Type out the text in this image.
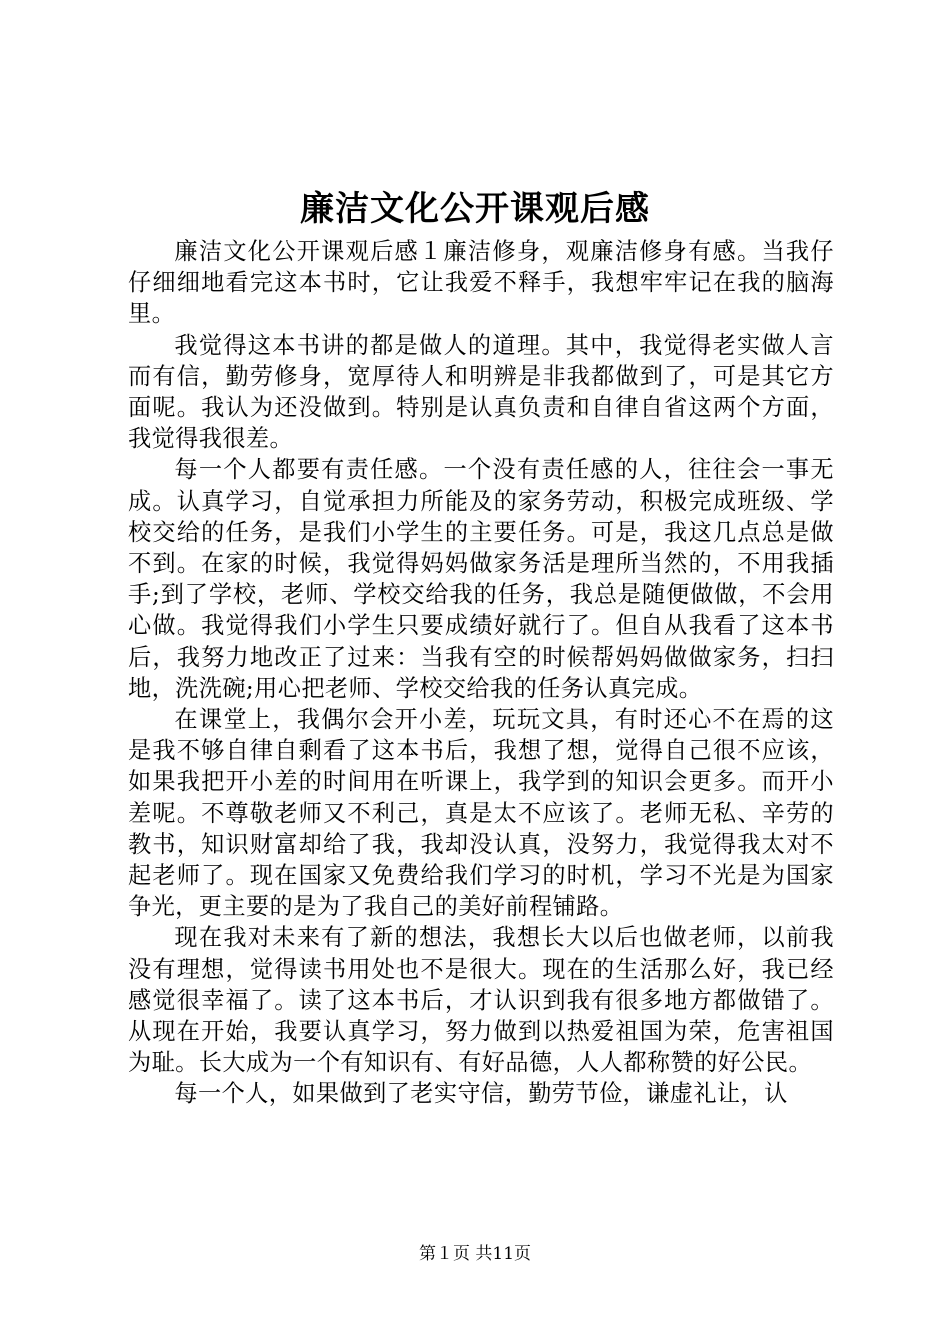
廉洁文化公开课观后感

廉洁文化公开课观后感１廉洁修身，观廉洁修身有感。当我仔仔细细地看完这本书时，它让我爱不释手，我想牢牢记在我的脑海里。

我觉得这本书讲的都是做人的道理。其中，我觉得老实做人言而有信，勤劳修身，宽厚待人和明辨是非我都做到了，可是其它方面呢。我认为还没做到。特别是认真负责和自律自省这两个方面，我觉得我很差。

每一个人都要有责任感。一个没有责任感的人，往往会一事无成。认真学习，自觉承担力所能及的家务劳动，积极完成班级、学校交给的任务，是我们小学生的主要任务。可是，我这几点总是做不到。在家的时候，我觉得妈妈做家务活是理所当然的，不用我插手;到了学校，老师、学校交给我的任务，我总是随便做做，不会用心做。我觉得我们小学生只要成绩好就行了。但自从我看了这本书后，我努力地改正了过来：当我有空的时候帮妈妈做做家务，扫扫地，洗洗碗;用心把老师、学校交给我的任务认真完成。

在课堂上，我偶尔会开小差，玩玩文具，有时还心不在焉的这是我不够自律自剩看了这本书后，我想了想，觉得自己很不应该，如果我把开小差的时间用在听课上，我学到的知识会更多。而开小差呢。不尊敬老师又不利己，真是太不应该了。老师无私、辛劳的教书，知识财富却给了我，我却没认真，没努力，我觉得我太对不起老师了。现在国家又免费给我们学习的时机，学习不光是为国家争光，更主要的是为了我自己的美好前程铺路。

现在我对未来有了新的想法，我想长大以后也做老师，以前我没有理想，觉得读书用处也不是很大。现在的生活那么好，我已经感觉很幸福了。读了这本书后，才认识到我有很多地方都做错了。从现在开始，我要认真学习，努力做到以热爱祖国为荣，危害祖国为耻。长大成为一个有知识有、有好品德，人人都称赞的好公民。

每一个人，如果做到了老实守信，勤劳节俭，谦虚礼让，认

第１页 共11页
